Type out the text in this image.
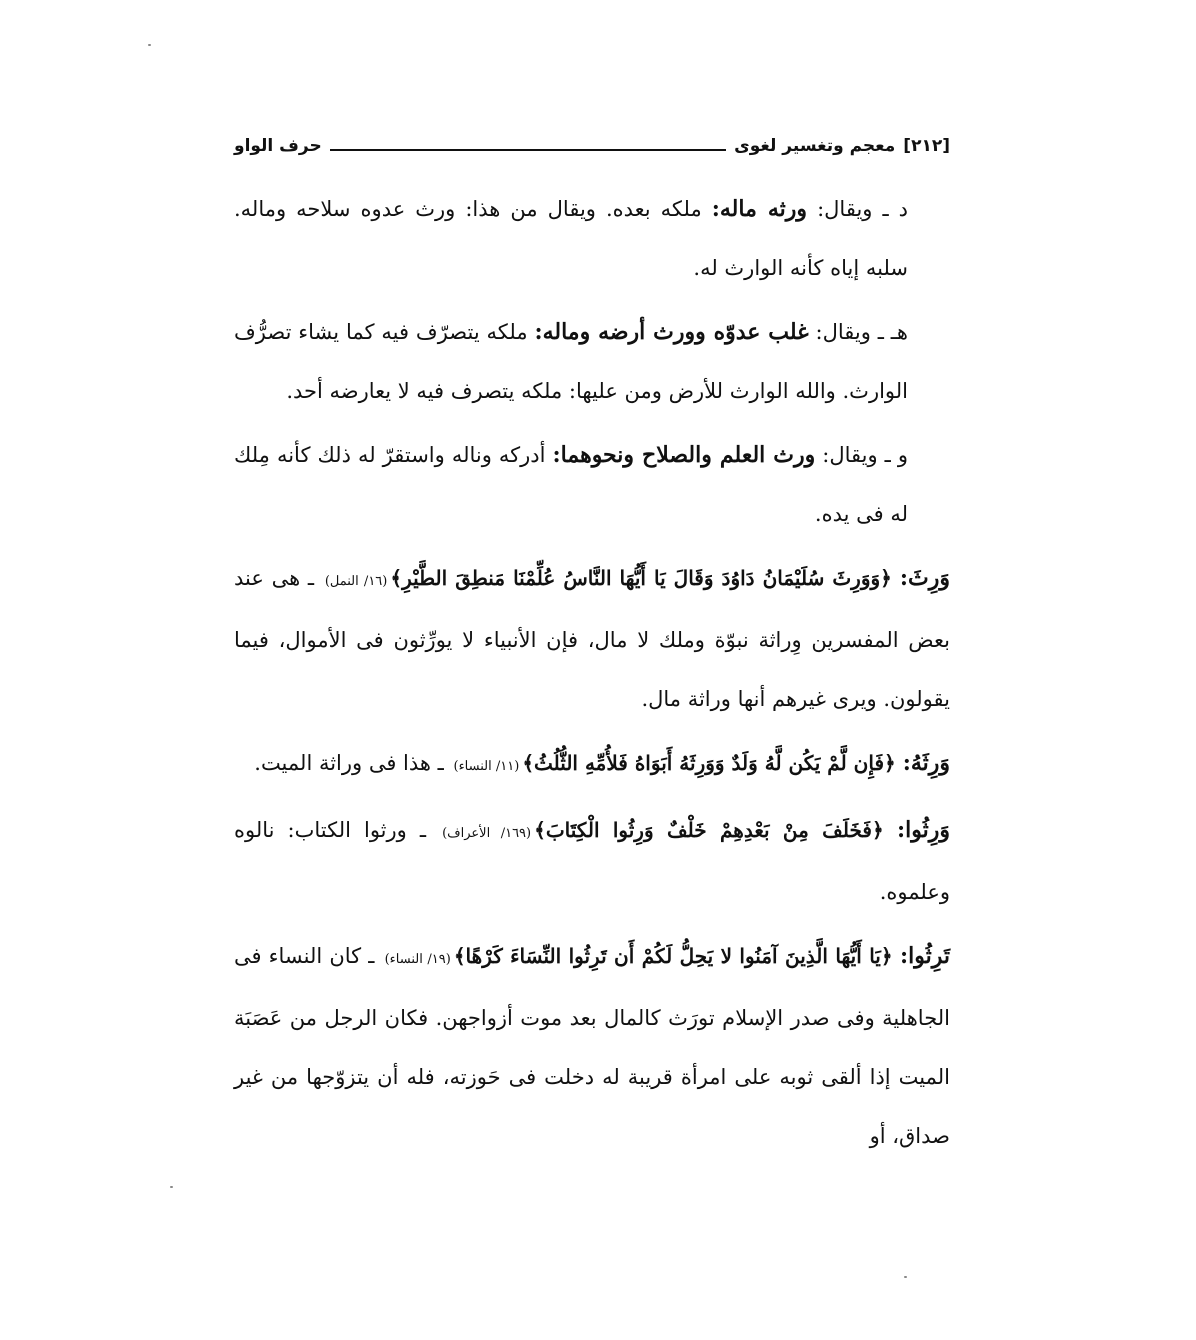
[٢١٢]
معجم وتغسير لغوى
حرف الواو

د ـ ويقال: ورثه ماله: ملكه بعده. ويقال من هذا: ورث عدوه سلاحه وماله. سلبه إياه كأنه الوارث له.

هـ ـ ويقال: غلب عدوّه وورث أرضه وماله: ملكه يتصرّف فيه كما يشاء تصرُّف الوارث. والله الوارث للأرض ومن عليها: ملكه يتصرف فيه لا يعارضه أحد.

و ـ ويقال: ورث العلم والصلاح ونحوهما: أدركه وناله واستقرّ له ذلك كأنه مِلك له فى يده.

وَرِثَ: ﴿وَوَرِثَ سُلَيْمَانُ دَاوُدَ وَقَالَ يَا أَيُّهَا النَّاسُ عُلِّمْنَا مَنطِقَ الطَّيْرِ﴾(١٦/ النمل) ـ هى عند بعض المفسرين وِراثة نبوّة وملك لا مال، فإن الأنبياء لا يورِّثون فى الأموال، فيما يقولون. ويرى غيرهم أنها وراثة مال.

وَرِثَهُ: ﴿فَإِن لَّمْ يَكُن لَّهُ وَلَدٌ وَوَرِثَهُ أَبَوَاهُ فَلأُمِّهِ الثُّلُثُ﴾(١١/ النساء) ـ هذا فى وراثة الميت.

وَرِثُوا: ﴿فَخَلَفَ مِنْ بَعْدِهِمْ خَلْفٌ وَرِثُوا الْكِتَابَ﴾(١٦٩/ الأعراف) ـ ورثوا الكتاب: نالوه وعلموه.

تَرِثُوا: ﴿يَا أَيُّهَا الَّذِينَ آمَنُوا لا يَحِلُّ لَكُمْ أَن تَرِثُوا النِّسَاءَ كَرْهًا﴾(١٩/ النساء) ـ كان النساء فى الجاهلية وفى صدر الإسلام تورَث كالمال بعد موت أزواجهن. فكان الرجل من عَصَبَة الميت إذا ألقى ثوبه على امرأة قريبة له دخلت فى حَوزته، فله أن يتزوّجها من غير صداق، أو
